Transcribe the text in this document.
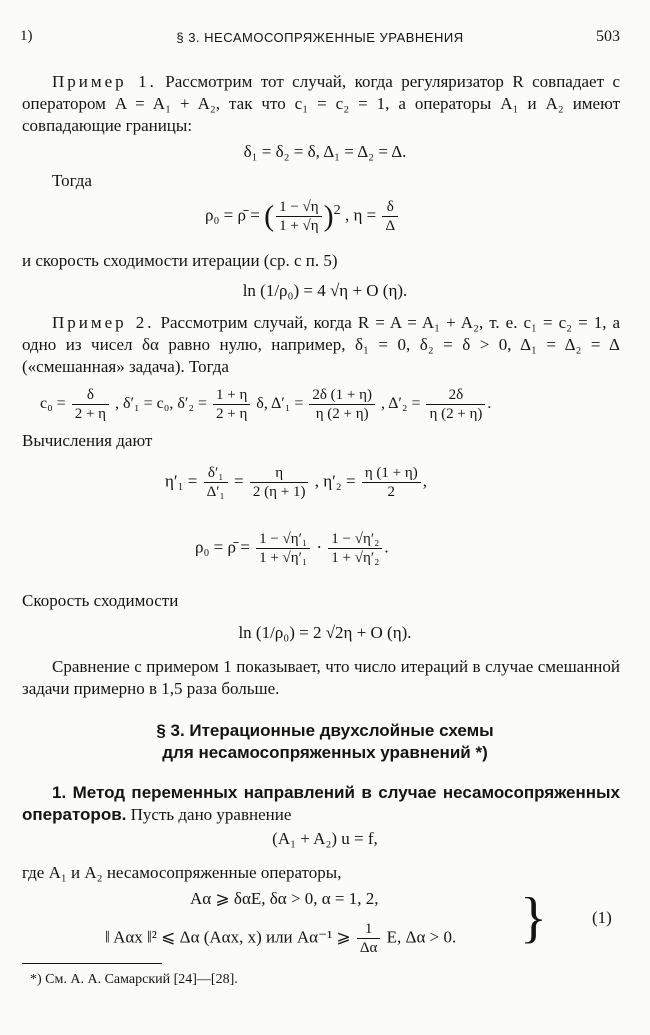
1)	§ 3. НЕСАМОСОПРЯЖЕННЫЕ УРАВНЕНИЯ	503
Пример 1. Рассмотрим тот случай, когда регуляризатор R совпадает с оператором A = A₁ + A₂, так что c₁ = c₂ = 1, а операторы A₁ и A₂ имеют совпадающие границы:
δ₁ = δ₂ = δ, Δ₁ = Δ₂ = Δ.
Тогда
ρ₀ = ρ̄ = ( $\frac{1 - √\eta}{1 + √\eta} )^2$ , $\eta = \frac{\delta}{\Delta}$
и скорость сходимости итерации (ср. с п. 5)
ln (1/ρ₀) = 4 √η + O (η).
Пример 2. Рассмотрим случай, когда R = A = A₁ + A₂, т. е. c₁ = c₂ = 1, а одно из чисел δα равно нулю, например, δ₁ = 0, δ₂ = δ > 0, Δ₁ = Δ₂ = Δ («смешанная» задача). Тогда
$c_0 = \frac{\delta}{2 + \eta}$ , δ′₁ = c₀, $\delta'_2 = \frac{1 + \eta}{2 + \eta} \delta$, $\Delta'_1 = \frac{2\delta (1 + \eta)}{\eta (2 + \eta)}$ , $\Delta'_2 = \frac{2\delta}{\eta (2 + \eta)}$ .
Вычисления дают
$\eta'_1 = \frac{\text{δ′₁}}{\text{Δ′₁}} = \frac{\eta}{2 (\eta + 1)}$ , $\eta'_2 = \frac{\eta (1 + \eta)}{2}$ ,
ρ₀ = ρ̄ = $\frac{\text{1 − √η′₁}}{\text{1 + √η′₁}} \cdot \frac{\text{1 − √η′₂}}{\text{1 + √η′₂}}$ .
Скорость сходимости
ln (1/ρ₀) = 2 √2η + O (η).
Сравнение с примером 1 показывает, что число итераций в случае смешанной задачи примерно в 1,5 раза больше.
§ 3. Итерационные двухслойные схемы
для несамосопряженных уравнений *)
1. Метод переменных направлений в случае несамосопряженных операторов. Пусть дано уравнение
(A₁ + A₂) u = f,
где A₁ и A₂ несамосопряженные операторы,
Aα ⩾ δαE, δα > 0, α = 1, 2,
‖ Aαx ‖² ⩽ Δα (Aαx, x) или Aα⁻¹ ⩾ $\frac{1}{\Delta\alpha} E$, Δα > 0. }	(1)
*) См. А. А. Самарский [24]—[28].
